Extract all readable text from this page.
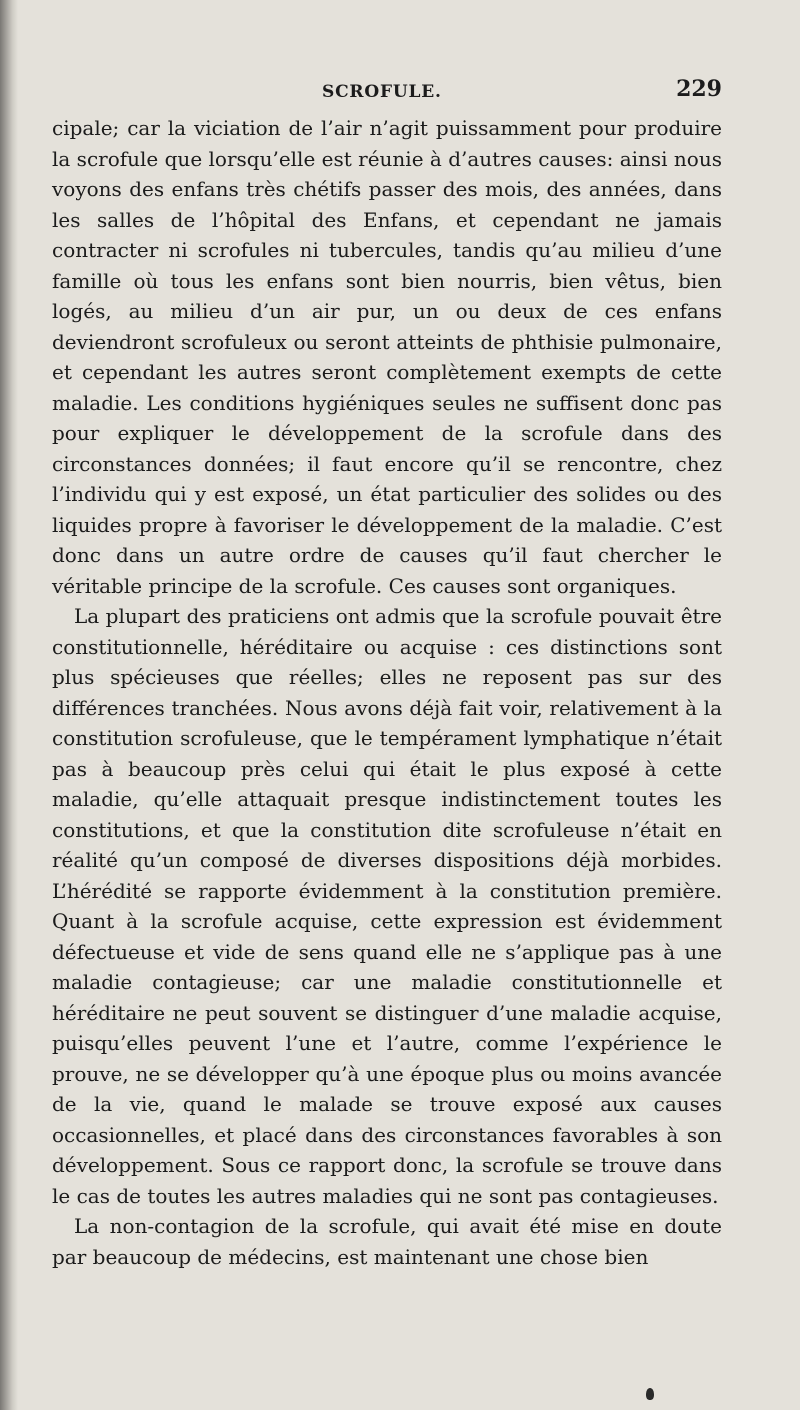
SCROFULE.	229

cipale; car la viciation de l’air n’agit puissamment pour produire la scrofule que lorsqu’elle est réunie à d’autres causes: ainsi nous voyons des enfans très chétifs passer des mois, des années, dans les salles de l’hôpital des Enfans, et cependant ne jamais contracter ni scrofules ni tubercules, tandis qu’au milieu d’une famille où tous les enfans sont bien nourris, bien vêtus, bien logés, au milieu d’un air pur, un ou deux de ces enfans deviendront scrofuleux ou seront atteints de phthisie pulmonaire, et cependant les autres seront complètement exempts de cette maladie. Les conditions hygiéniques seules ne suffisent donc pas pour expliquer le développement de la scrofule dans des circonstances données; il faut encore qu’il se rencontre, chez l’individu qui y est exposé, un état particulier des solides ou des liquides propre à favoriser le développement de la maladie. C’est donc dans un autre ordre de causes qu’il faut chercher le véritable principe de la scrofule. Ces causes sont organiques.

La plupart des praticiens ont admis que la scrofule pouvait être constitutionnelle, héréditaire ou acquise : ces distinctions sont plus spécieuses que réelles; elles ne reposent pas sur des différences tranchées. Nous avons déjà fait voir, relativement à la constitution scrofuleuse, que le tempérament lymphatique n’était pas à beaucoup près celui qui était le plus exposé à cette maladie, qu’elle attaquait presque indistinctement toutes les constitutions, et que la constitution dite scrofuleuse n’était en réalité qu’un composé de diverses dispositions déjà morbides. L’hérédité se rapporte évidemment à la constitution première. Quant à la scrofule acquise, cette expression est évidemment défectueuse et vide de sens quand elle ne s’applique pas à une maladie contagieuse; car une maladie constitutionnelle et héréditaire ne peut souvent se distinguer d’une maladie acquise, puisqu’elles peuvent l’une et l’autre, comme l’expérience le prouve, ne se développer qu’à une époque plus ou moins avancée de la vie, quand le malade se trouve exposé aux causes occasionnelles, et placé dans des circonstances favorables à son développement. Sous ce rapport donc, la scrofule se trouve dans le cas de toutes les autres maladies qui ne sont pas contagieuses.

La non-contagion de la scrofule, qui avait été mise en doute par beaucoup de médecins, est maintenant une chose bien
